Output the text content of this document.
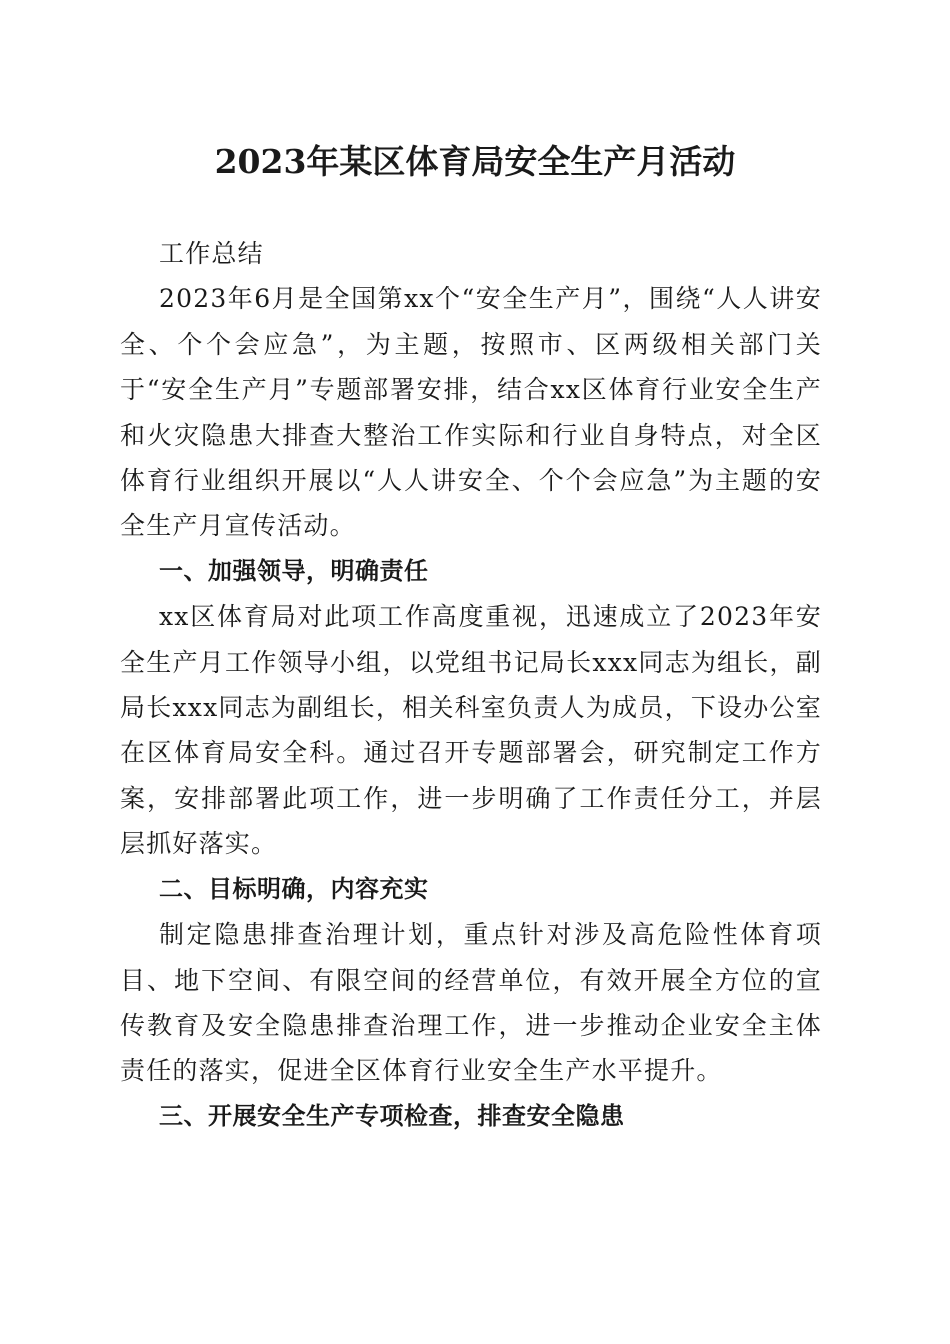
2023年某区体育局安全生产月活动

工作总结

2023年6月是全国第xx个“安全生产月”，围绕“人人讲安全、个个会应急”，为主题，按照市、区两级相关部门关于“安全生产月”专题部署安排，结合xx区体育行业安全生产和火灾隐患大排查大整治工作实际和行业自身特点，对全区体育行业组织开展以“人人讲安全、个个会应急”为主题的安全生产月宣传活动。

一、加强领导，明确责任

xx区体育局对此项工作高度重视，迅速成立了2023年安全生产月工作领导小组，以党组书记局长xxx同志为组长，副局长xxx同志为副组长，相关科室负责人为成员，下设办公室在区体育局安全科。通过召开专题部署会，研究制定工作方案，安排部署此项工作，进一步明确了工作责任分工，并层层抓好落实。

二、目标明确，内容充实

制定隐患排查治理计划，重点针对涉及高危险性体育项目、地下空间、有限空间的经营单位，有效开展全方位的宣传教育及安全隐患排查治理工作，进一步推动企业安全主体责任的落实，促进全区体育行业安全生产水平提升。

三、开展安全生产专项检查，排查安全隐患
